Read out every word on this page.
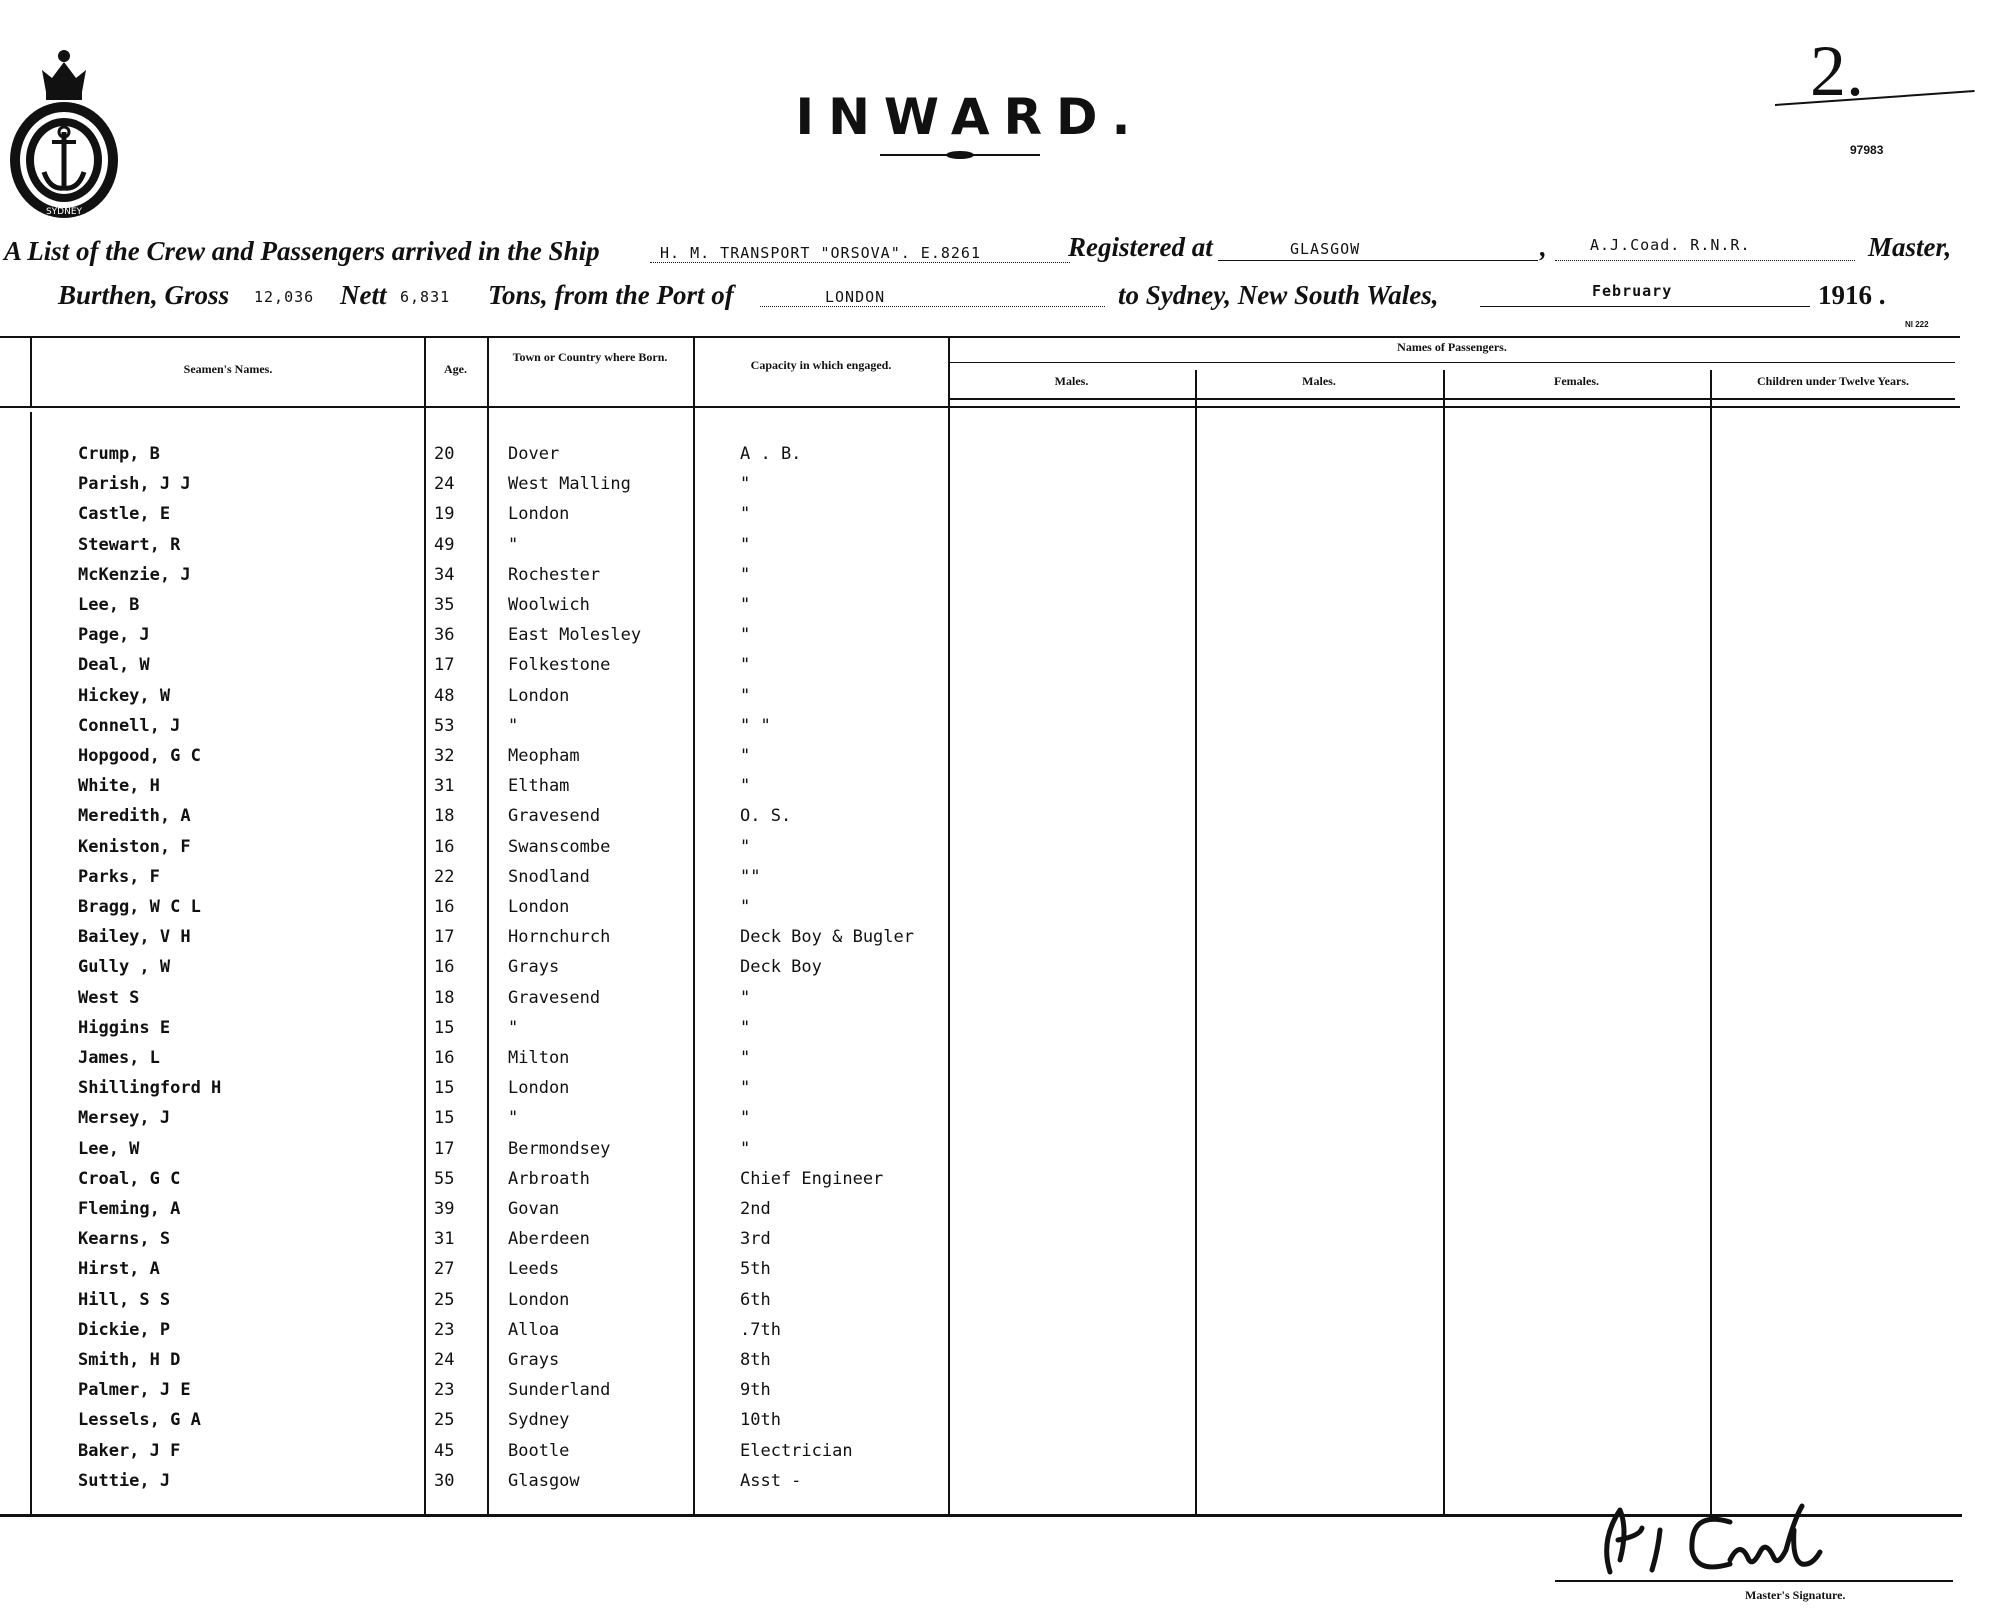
SYDNEY
INWARD.
2.
97983
A List of the Crew and Passengers arrived in the Ship	H. M. TRANSPORT "ORSOVA". E.8261	Registered at	GLASGOW	,	A.J.Coad. R.N.R.	Master,
Burthen, Gross 12,036 Nett 6,831 Tons, from the Port of	LONDON	to Sydney, New South Wales,	February	1916 .
Nl 222
Seamen's Names.	Age.
Town or Country where Born.
Capacity in which engaged.
Names of Passengers.
Males.	Males.	Females.	Children under Twelve Years.
Crump, B	20	Dover	A . B.
Parish, J J	24	West Malling	"
Castle, E	19	London	"
Stewart, R	49	"	"
McKenzie, J	34	Rochester	"
Lee, B	35	Woolwich	"
Page, J	36	East Molesley	"
Deal, W	17	Folkestone	"
Hickey, W	48	London	"
Connell, J	53	"	" "
Hopgood, G C	32	Meopham	"
White, H	31	Eltham	"
Meredith, A	18	Gravesend	O. S.
Keniston, F	16	Swanscombe	"
Parks, F	22	Snodland	""
Bragg, W C L	16	London	"
Bailey, V H	17	Hornchurch	Deck Boy & Bugler
Gully , W	16	Grays	Deck Boy
West S	18	Gravesend	"
Higgins E	15	"	"
James, L	16	Milton	"
Shillingford H	15	London	"
Mersey, J	15	"	"
Lee, W	17	Bermondsey	"
Croal, G C	55	Arbroath	Chief Engineer
Fleming, A	39	Govan	2nd
Kearns, S	31	Aberdeen	3rd
Hirst, A	27	Leeds	5th
Hill, S S	25	London	6th
Dickie, P	23	Alloa	.7th
Smith, H D	24	Grays	8th
Palmer, J E	23	Sunderland	9th
Lessels, G A	25	Sydney	10th
Baker, J F	45	Bootle	Electrician
Suttie, J	30	Glasgow	Asst -
Master's Signature.
